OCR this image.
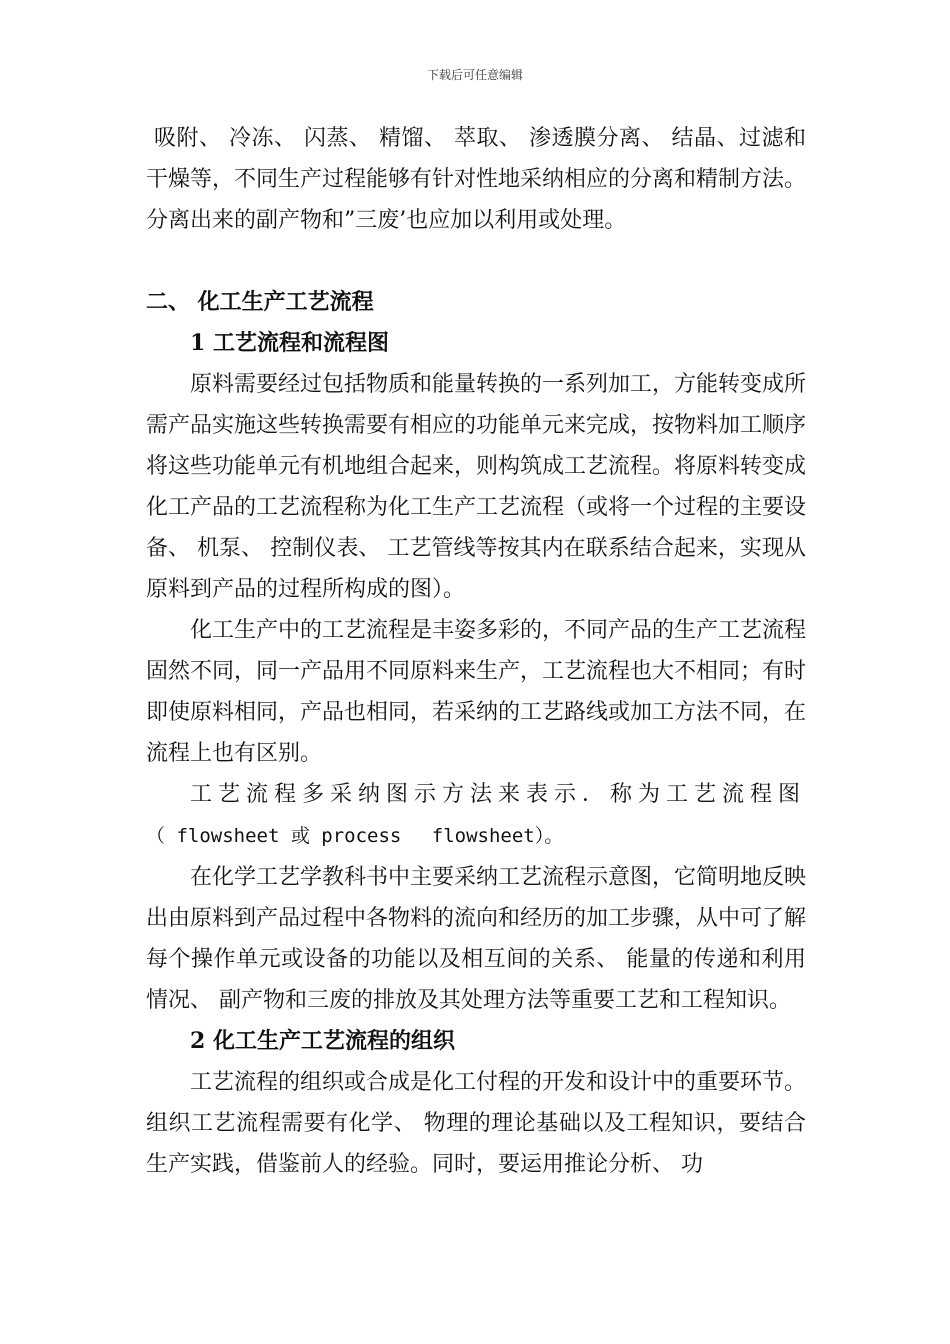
下载后可任意编辑

吸附、 冷冻、 闪蒸、 精馏、 萃取、 渗透膜分离、 结晶、过滤和干燥等，不同生产过程能够有针对性地采纳相应的分离和精制方法。分离出来的副产物和”三废’也应加以利用或处理。

二、 化工生产工艺流程

1 工艺流程和流程图

原料需要经过包括物质和能量转换的一系列加工，方能转变成所需产品实施这些转换需要有相应的功能单元来完成，按物料加工顺序将这些功能单元有机地组合起来，则构筑成工艺流程。将原料转变成化工产品的工艺流程称为化工生产工艺流程（或将一个过程的主要设备、 机泵、 控制仪表、 工艺管线等按其内在联系结合起来，实现从原料到产品的过程所构成的图）。

化工生产中的工艺流程是丰姿多彩的，不同产品的生产工艺流程固然不同，同一产品用不同原料来生产，工艺流程也大不相同；有时即使原料相同，产品也相同，若采纳的工艺路线或加工方法不同，在流程上也有区别。

工艺流程多采纳图示方法来表示．称为工艺流程图

（ flowsheet 或 process　 flowsheet）。

在化学工艺学教科书中主要采纳工艺流程示意图，它简明地反映出由原料到产品过程中各物料的流向和经历的加工步骤，从中可了解每个操作单元或设备的功能以及相互间的关系、 能量的传递和利用情况、 副产物和三废的排放及其处理方法等重要工艺和工程知识。

2 化工生产工艺流程的组织

工艺流程的组织或合成是化工付程的开发和设计中的重要环节。组织工艺流程需要有化学、 物理的理论基础以及工程知识，要结合生产实践，借鉴前人的经验。同时，要运用推论分析、 功
